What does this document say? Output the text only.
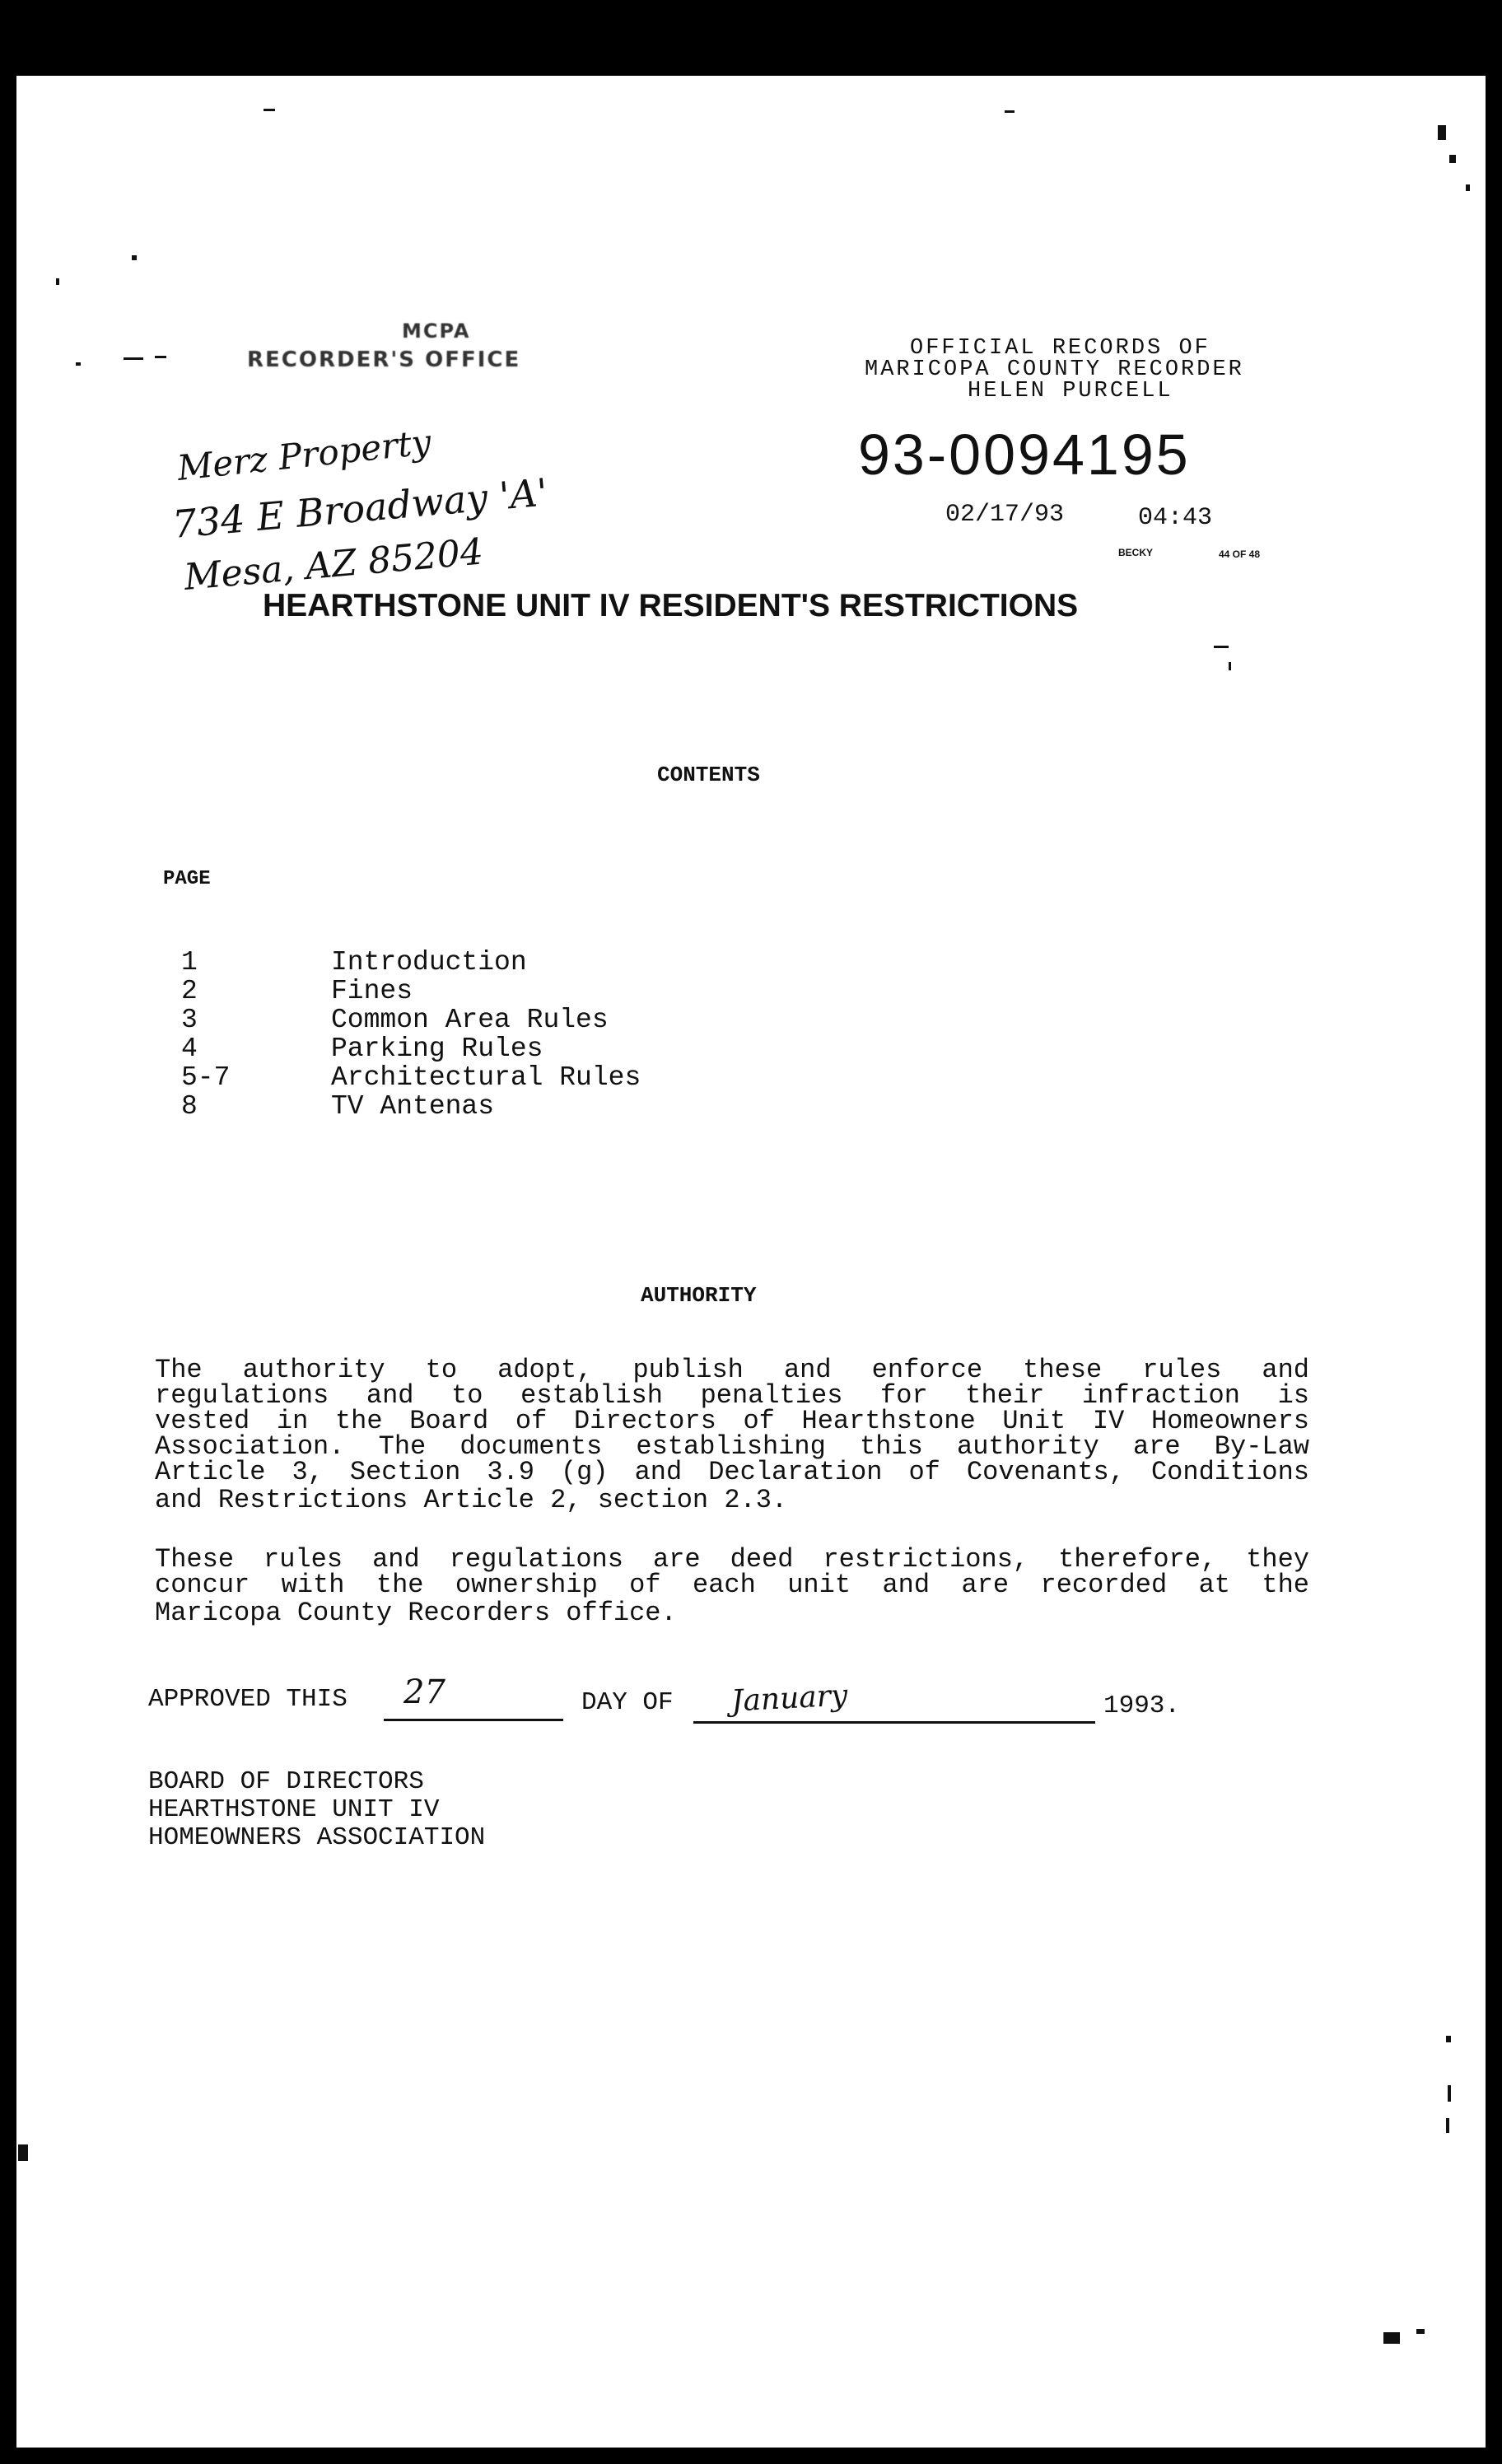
MCPA
RECORDER'S OFFICE	OFFICIAL RECORDS OF
MARICOPA COUNTY RECORDER
HELEN PURCELL
93-0094195
02/17/93	04:43
BECKY	44 OF 48
Merz Property
734 E Broadway 'A'
Mesa, AZ 85204
HEARTHSTONE UNIT IV RESIDENT'S RESTRICTIONS
CONTENTS
PAGE
1	Introduction
2	Fines
3	Common Area Rules
4	Parking Rules
5-7	Architectural Rules
8	TV Antenas
AUTHORITY
The authority to adopt, publish and enforce these rules and
regulations and to establish penalties for their infraction is
vested in the Board of Directors of Hearthstone Unit IV Homeowners
Association. The documents establishing this authority are By-Law
Article 3, Section 3.9 (g) and Declaration of Covenants, Conditions
and Restrictions Article 2, section 2.3.
These rules and regulations are deed restrictions, therefore, they
concur with the ownership of each unit and are recorded at the
Maricopa County Recorders office.
APPROVED THIS 27	DAY OF January	1993.
BOARD OF DIRECTORS
HEARTHSTONE UNIT IV
HOMEOWNERS ASSOCIATION
